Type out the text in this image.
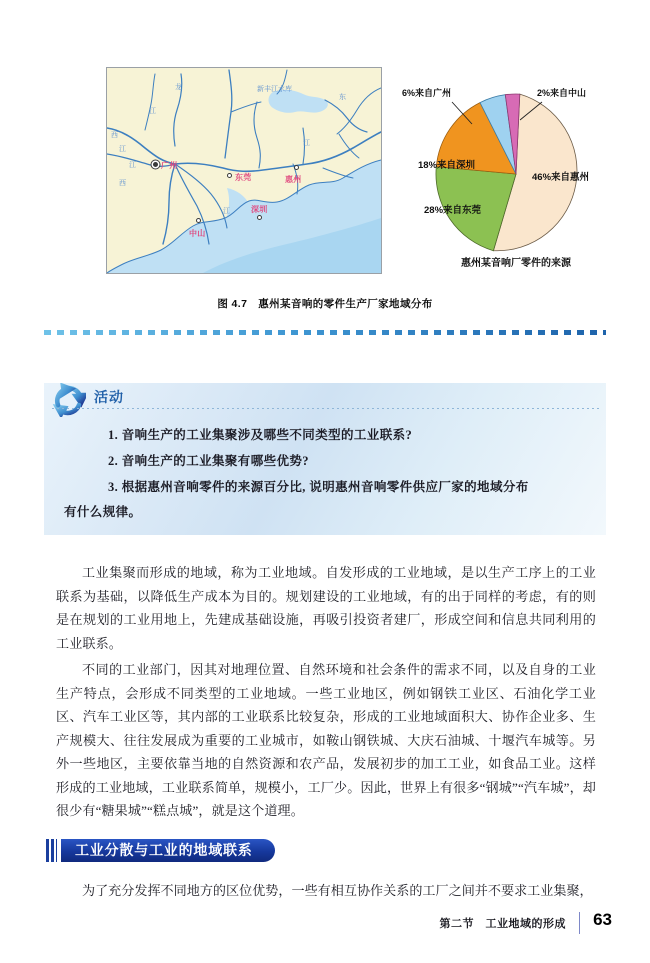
广州
东莞	惠州
深圳
中山
龙
江
西
江
江
西
江
江
东
新丰江水库	6%来自广州	2%来自中山
46%来自惠州
28%来自东莞
18%来自深圳
惠州某音响厂零件的来源
图 4.7　惠州某音响的零件生产厂家地域分布
活动
1. 音响生产的工业集聚涉及哪些不同类型的工业联系?
2. 音响生产的工业集聚有哪些优势?
3. 根据惠州音响零件的来源百分比, 说明惠州音响零件供应厂家的地域分布
有什么规律。

工业集聚而形成的地域，称为工业地域。自发形成的工业地域，是以生产工序上的工业联系为基础，以降低生产成本为目的。规划建设的工业地域，有的出于同样的考虑，有的则是在规划的工业用地上，先建成基础设施，再吸引投资者建厂，形成空间和信息共同利用的工业联系。

不同的工业部门，因其对地理位置、自然环境和社会条件的需求不同，以及自身的工业生产特点，会形成不同类型的工业地域。一些工业地区，例如钢铁工业区、石油化学工业区、汽车工业区等，其内部的工业联系比较复杂，形成的工业地域面积大、协作企业多、生产规模大、往往发展成为重要的工业城市，如鞍山钢铁城、大庆石油城、十堰汽车城等。另外一些地区，主要依靠当地的自然资源和农产品，发展初步的加工工业，如食品工业。这样形成的工业地域，工业联系简单，规模小，工厂少。因此，世界上有很多“钢城”“汽车城”，却很少有“糖果城”“糕点城”，就是这个道理。

工业分散与工业的地域联系

为了充分发挥不同地方的区位优势，一些有相互协作关系的工厂之间并不要求工业集聚，

第二节　工业地域的形成 63
